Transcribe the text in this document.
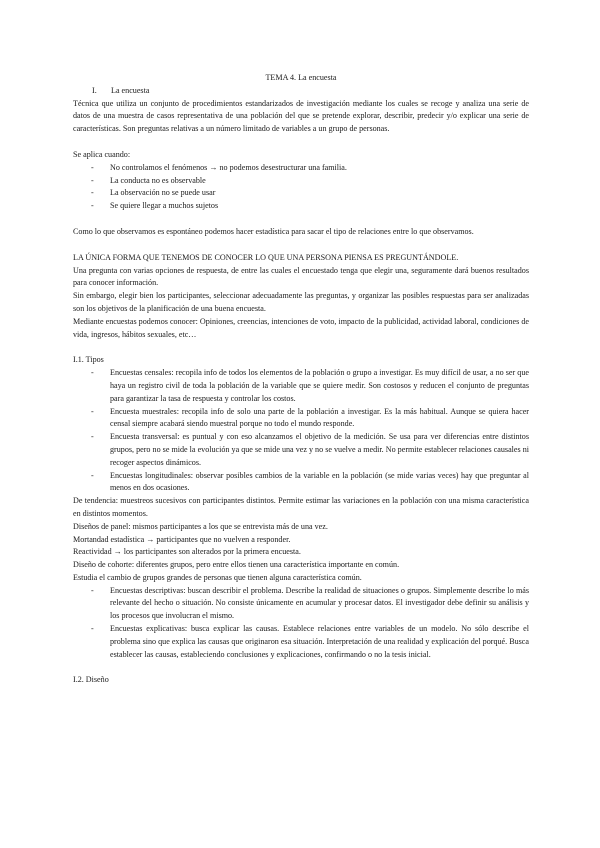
TEMA 4. La encuesta

I. La encuesta

Técnica que utiliza un conjunto de procedimientos estandarizados de investigación mediante los cuales se recoge y analiza una serie de datos de una muestra de casos representativa de una población del que se pretende explorar, describir, predecir y/o explicar una serie de características. Son preguntas relativas a un número limitado de variables a un grupo de personas.

Se aplica cuando:

- No controlamos el fenómenos → no podemos desestructurar una familia.
- La conducta no es observable
- La observación no se puede usar
- Se quiere llegar a muchos sujetos

Como lo que observamos es espontáneo podemos hacer estadística para sacar el tipo de relaciones entre lo que observamos.

LA ÚNICA FORMA QUE TENEMOS DE CONOCER LO QUE UNA PERSONA PIENSA ES PREGUNTÁNDOLE.

Una pregunta con varias opciones de respuesta, de entre las cuales el encuestado tenga que elegir una, seguramente dará buenos resultados para conocer información.

Sin embargo, elegir bien los participantes, seleccionar adecuadamente las preguntas, y organizar las posibles respuestas para ser analizadas son los objetivos de la planificación de una buena encuesta.

Mediante encuestas podemos conocer: Opiniones, creencias, intenciones de voto, impacto de la publicidad, actividad laboral, condiciones de vida, ingresos, hábitos sexuales, etc…

I.1. Tipos

- Encuestas censales: recopila info de todos los elementos de la población o grupo a investigar. Es muy difícil de usar, a no ser que haya un registro civil de toda la población de la variable que se quiere medir. Son costosos y reducen el conjunto de preguntas para garantizar la tasa de respuesta y controlar los costos.
- Encuesta muestrales: recopila info de solo una parte de la población a investigar. Es la más habitual. Aunque se quiera hacer censal siempre acabará siendo muestral porque no todo el mundo responde.
- Encuesta transversal: es puntual y con eso alcanzamos el objetivo de la medición. Se usa para ver diferencias entre distintos grupos, pero no se mide la evolución ya que se mide una vez y no se vuelve a medir. No permite establecer relaciones causales ni recoger aspectos dinámicos.
- Encuestas longitudinales: observar posibles cambios de la variable en la población (se mide varias veces) hay que preguntar al menos en dos ocasiones.

De tendencia: muestreos sucesivos con participantes distintos. Permite estimar las variaciones en la población con una misma característica en distintos momentos.

Diseños de panel: mismos participantes a los que se entrevista más de una vez.

Mortandad estadística → participantes que no vuelven a responder.

Reactividad → los participantes son alterados por la primera encuesta.

Diseño de cohorte: diferentes grupos, pero entre ellos tienen una característica importante en común.

Estudia el cambio de grupos grandes de personas que tienen alguna característica común.

- Encuestas descriptivas: buscan describir el problema. Describe la realidad de situaciones o grupos. Simplemente describe lo más relevante del hecho o situación. No consiste únicamente en acumular y procesar datos. El investigador debe definir su análisis y los procesos que involucran el mismo.
- Encuestas explicativas: busca explicar las causas. Establece relaciones entre variables de un modelo. No sólo describe el problema sino que explica las causas que originaron esa situación. Interpretación de una realidad y explicación del porqué. Busca establecer las causas, estableciendo conclusiones y explicaciones, confirmando o no la tesis inicial.

I.2. Diseño
